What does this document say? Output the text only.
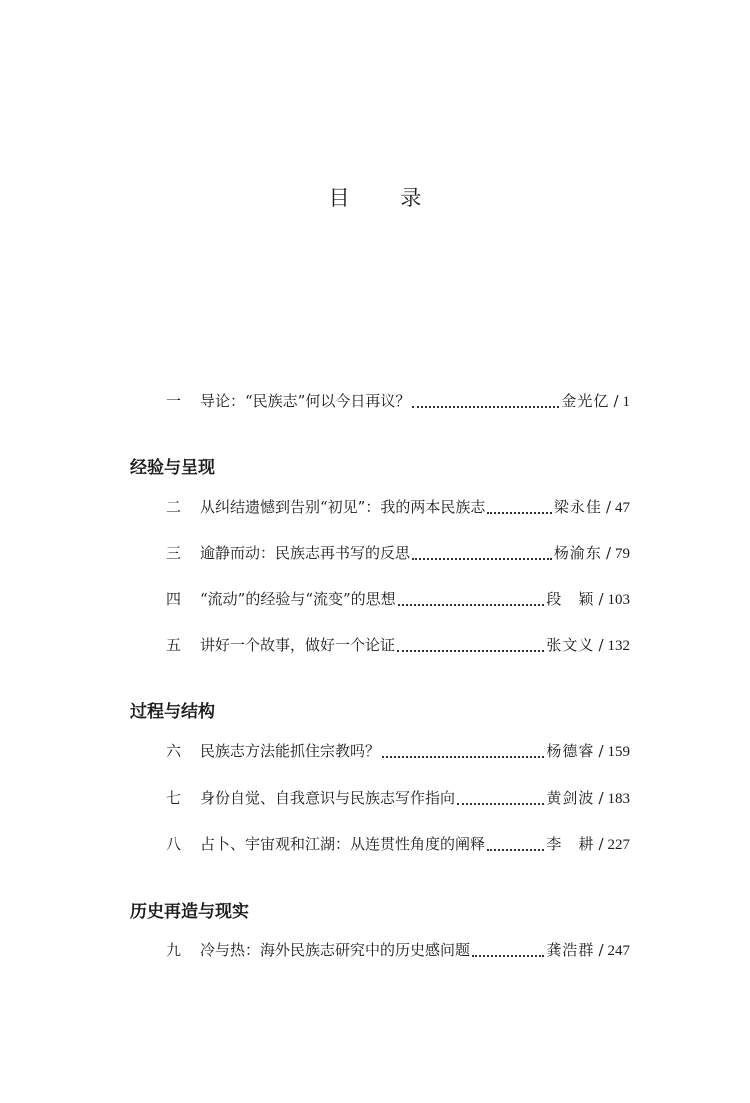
目 录
一	导论：“民族志”何以今日再议？	金光亿 / 1
经验与呈现
二	从纠结遗憾到告别“初见”：我的两本民族志	梁永佳 / 47
三	逾静而动：民族志再书写的反思	杨渝东 / 79
四	“流动”的经验与“流变”的思想	段　颖 / 103
五	讲好一个故事，做好一个论证	张文义 / 132
过程与结构
六	民族志方法能抓住宗教吗？	杨德睿 / 159
七	身份自觉、自我意识与民族志写作指向	黄剑波 / 183
八	占卜、宇宙观和江湖：从连贯性角度的阐释	李　耕 / 227
历史再造与现实
九	冷与热：海外民族志研究中的历史感问题	龚浩群 / 247
